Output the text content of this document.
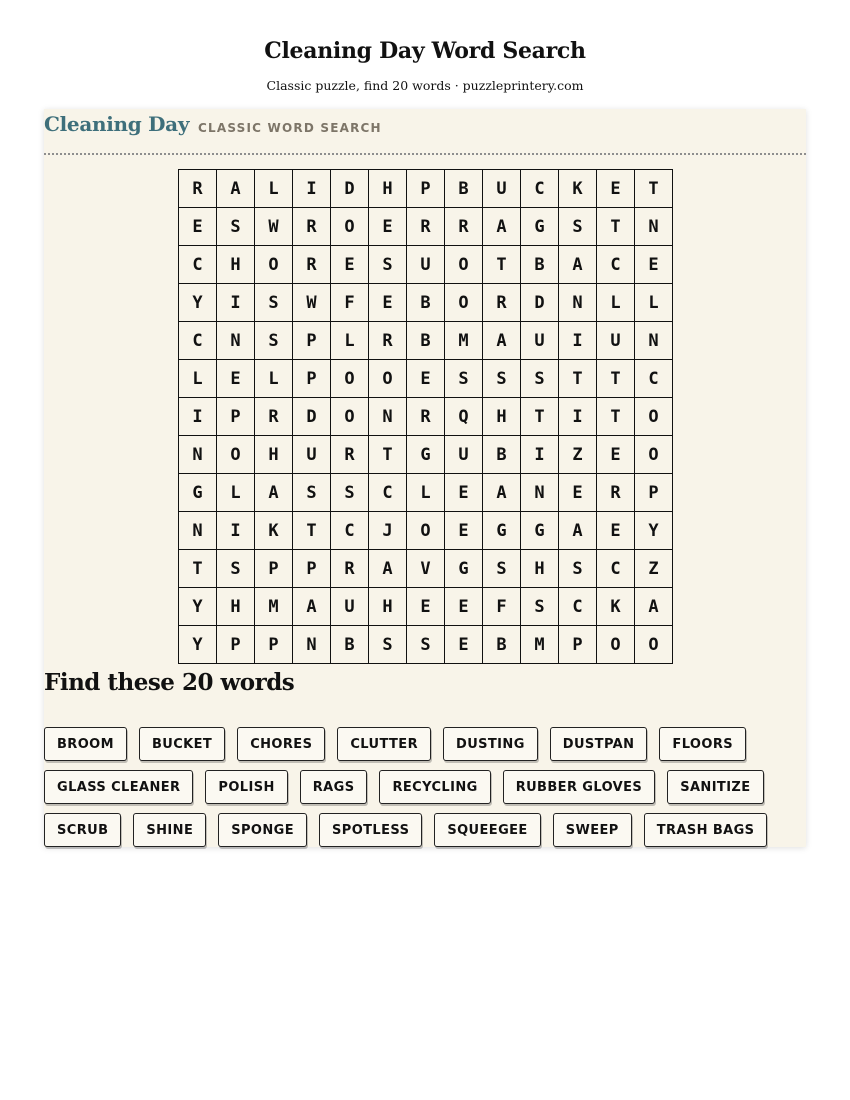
Cleaning Day Word Search
Classic puzzle, find 20 words · puzzleprintery.com
Cleaning Day CLASSIC WORD SEARCH
R	A	L	I	D	H	P	B	U	C	K	E	T
E	S	W	R	O	E	R	R	A	G	S	T	N
C	H	O	R	E	S	U	O	T	B	A	C	E
Y	I	S	W	F	E	B	O	R	D	N	L	L
C	N	S	P	L	R	B	M	A	U	I	U	N
L	E	L	P	O	O	E	S	S	S	T	T	C
I	P	R	D	O	N	R	Q	H	T	I	T	O
N	O	H	U	R	T	G	U	B	I	Z	E	O
G	L	A	S	S	C	L	E	A	N	E	R	P
N	I	K	T	C	J	O	E	G	G	A	E	Y
T	S	P	P	R	A	V	G	S	H	S	C	Z
Y	H	M	A	U	H	E	E	F	S	C	K	A
Y	P	P	N	B	S	S	E	B	M	P	O	O
Find these 20 words
BROOM	BUCKET	CHORES	CLUTTER	DUSTING	DUSTPAN	FLOORS
GLASS CLEANER	POLISH	RAGS	RECYCLING	RUBBER GLOVES	SANITIZE
SCRUB	SHINE	SPONGE	SPOTLESS	SQUEEGEE	SWEEP	TRASH BAGS
